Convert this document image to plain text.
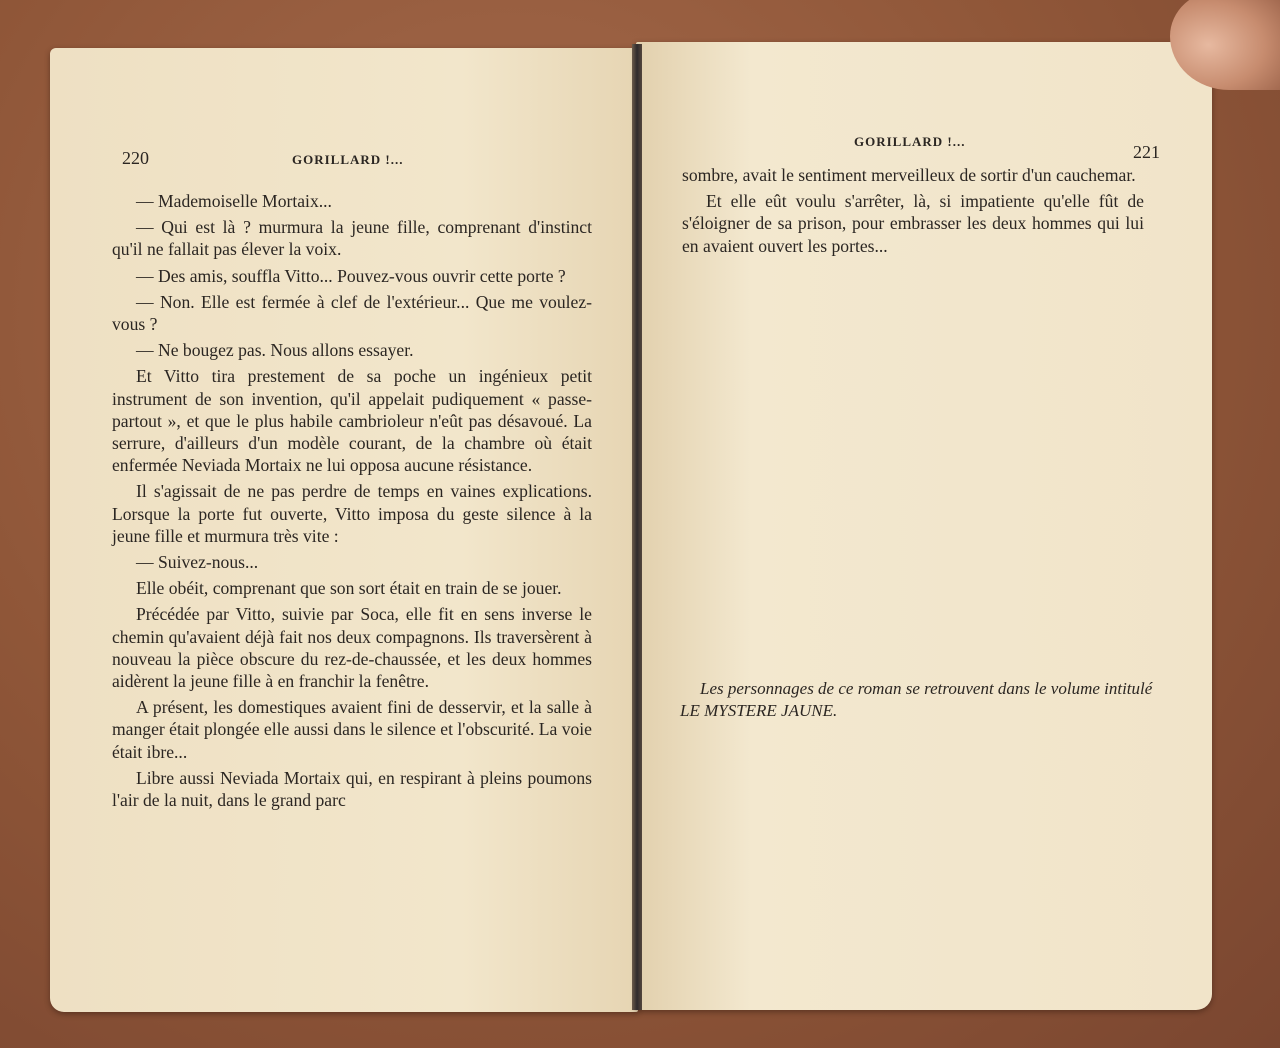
220	GORILLARD !...

— Mademoiselle Mortaix...

— Qui est là ? murmura la jeune fille, comprenant d'instinct qu'il ne fallait pas élever la voix.

— Des amis, souffla Vitto... Pouvez-vous ouvrir cette porte ?

— Non. Elle est fermée à clef de l'extérieur... Que me voulez-vous ?

— Ne bougez pas. Nous allons essayer.

Et Vitto tira prestement de sa poche un ingénieux petit instrument de son invention, qu'il appelait pudiquement « passe-partout », et que le plus habile cambrioleur n'eût pas désavoué. La serrure, d'ailleurs d'un modèle courant, de la chambre où était enfermée Neviada Mortaix ne lui opposa aucune résistance.

Il s'agissait de ne pas perdre de temps en vaines explications. Lorsque la porte fut ouverte, Vitto imposa du geste silence à la jeune fille et murmura très vite :

— Suivez-nous...

Elle obéit, comprenant que son sort était en train de se jouer.

Précédée par Vitto, suivie par Soca, elle fit en sens inverse le chemin qu'avaient déjà fait nos deux compagnons. Ils traversèrent à nouveau la pièce obscure du rez-de-chaussée, et les deux hommes aidèrent la jeune fille à en franchir la fenêtre.

A présent, les domestiques avaient fini de desservir, et la salle à manger était plongée elle aussi dans le silence et l'obscurité. La voie était ibre...

Libre aussi Neviada Mortaix qui, en respirant à pleins poumons l'air de la nuit, dans le grand parc

GORILLARD !...
221

sombre, avait le sentiment merveilleux de sortir d'un cauchemar.

Et elle eût voulu s'arrêter, là, si impatiente qu'elle fût de s'éloigner de sa prison, pour embrasser les deux hommes qui lui en avaient ouvert les portes...

Les personnages de ce roman se retrouvent dans le volume intitulé LE MYSTERE JAUNE.
